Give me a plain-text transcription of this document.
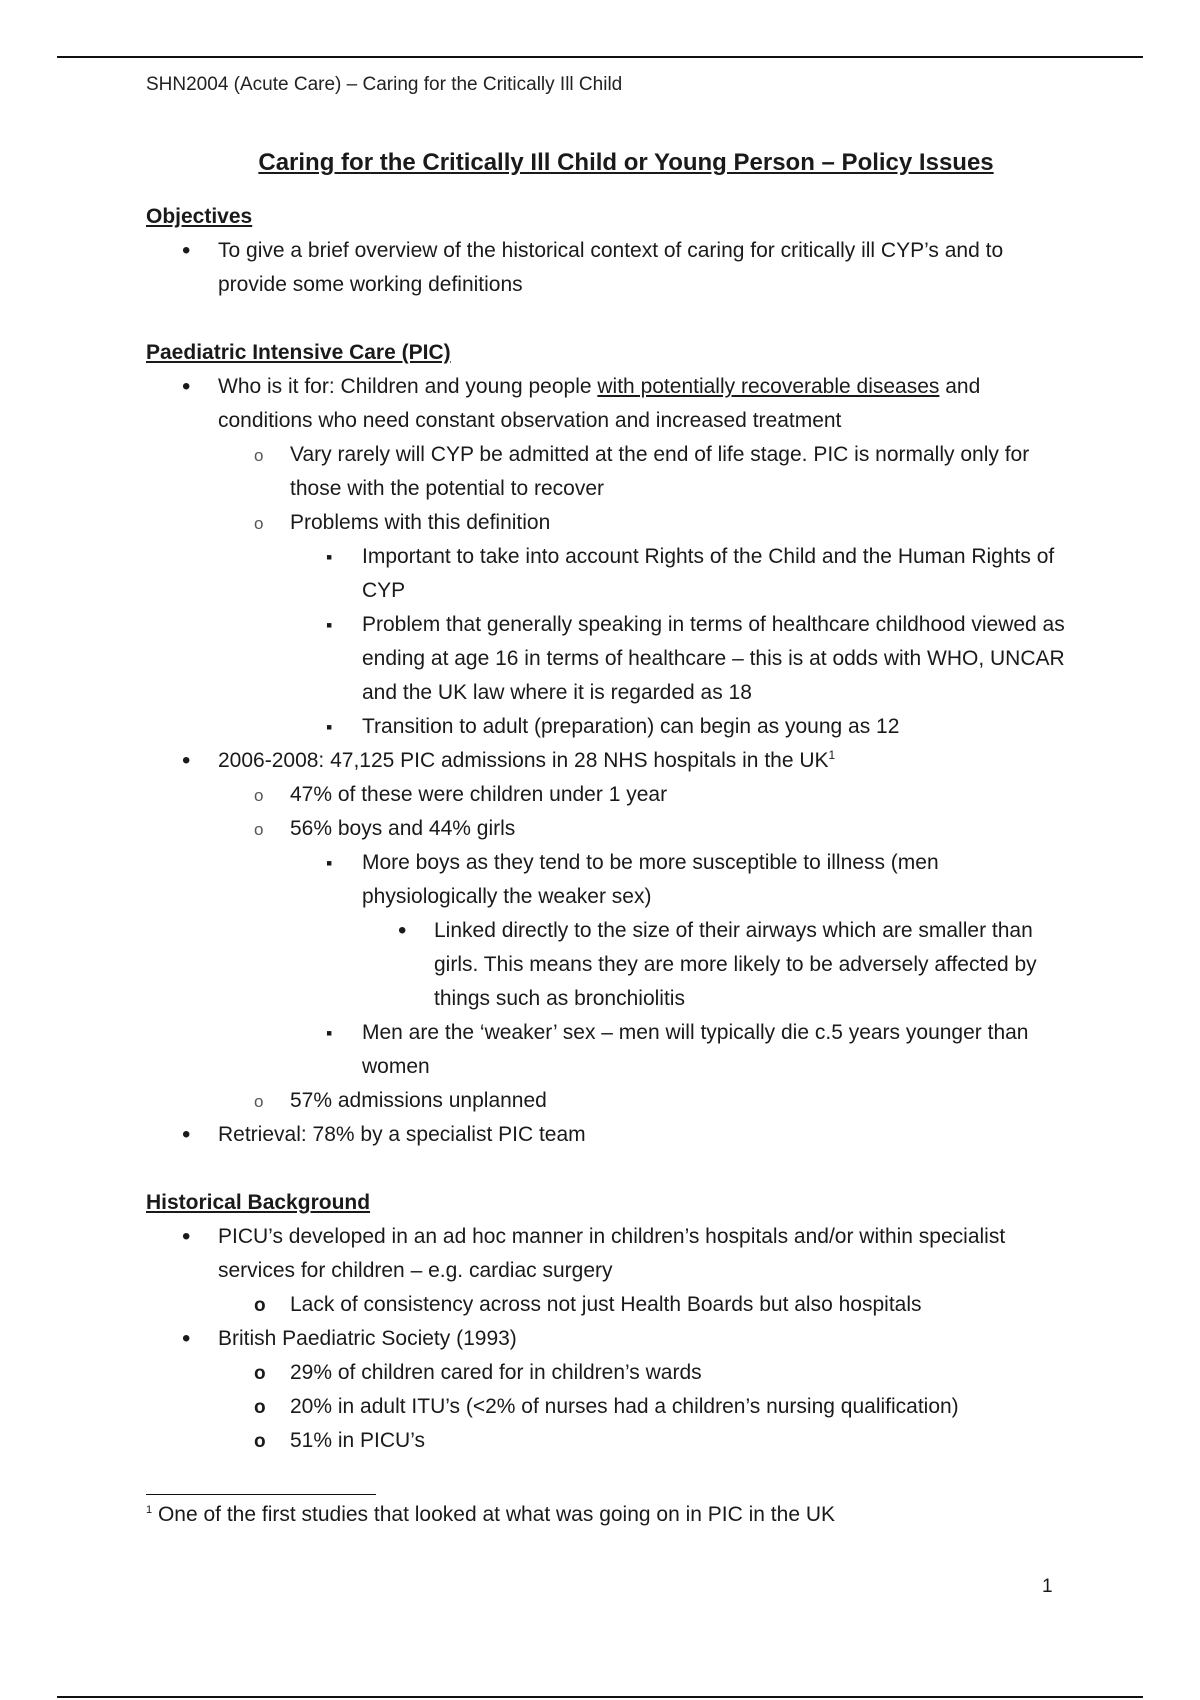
SHN2004 (Acute Care) – Caring for the Critically Ill Child
Caring for the Critically Ill Child or Young Person – Policy Issues
Objectives
•
To give a brief overview of the historical context of caring for critically ill CYP’s and to provide some working definitions
Paediatric Intensive Care (PIC)
•
Who is it for: Children and young people with potentially recoverable diseases and conditions who need constant observation and increased treatment
o
Vary rarely will CYP be admitted at the end of life stage. PIC is normally only for those with the potential to recover
o
Problems with this definition
▪
Important to take into account Rights of the Child and the Human Rights of CYP
▪
Problem that generally speaking in terms of healthcare childhood viewed as ending at age 16 in terms of healthcare – this is at odds with WHO, UNCAR and the UK law where it is regarded as 18
▪
Transition to adult (preparation) can begin as young as 12
•
2006-2008: 47,125 PIC admissions in 28 NHS hospitals in the $UK^1$
o
47% of these were children under 1 year
o
56% boys and 44% girls
▪
More boys as they tend to be more susceptible to illness (men physiologically the weaker sex)
•
Linked directly to the size of their airways which are smaller than girls. This means they are more likely to be adversely affected by things such as bronchiolitis
▪
Men are the ‘weaker’ sex – men will typically die c.5 years younger than women
o
57% admissions unplanned
•
Retrieval: 78% by a specialist PIC team
Historical Background
•
PICU’s developed in an ad hoc manner in children’s hospitals and/or within specialist services for children – e.g. cardiac surgery
o
Lack of consistency across not just Health Boards but also hospitals
•
British Paediatric Society (1993)
o
29% of children cared for in children’s wards
o
20% in adult ITU’s (<2% of nurses had a children’s nursing qualification)
o
51% in PICU’s
$^1$ One of the first studies that looked at what was going on in PIC in the UK
1
